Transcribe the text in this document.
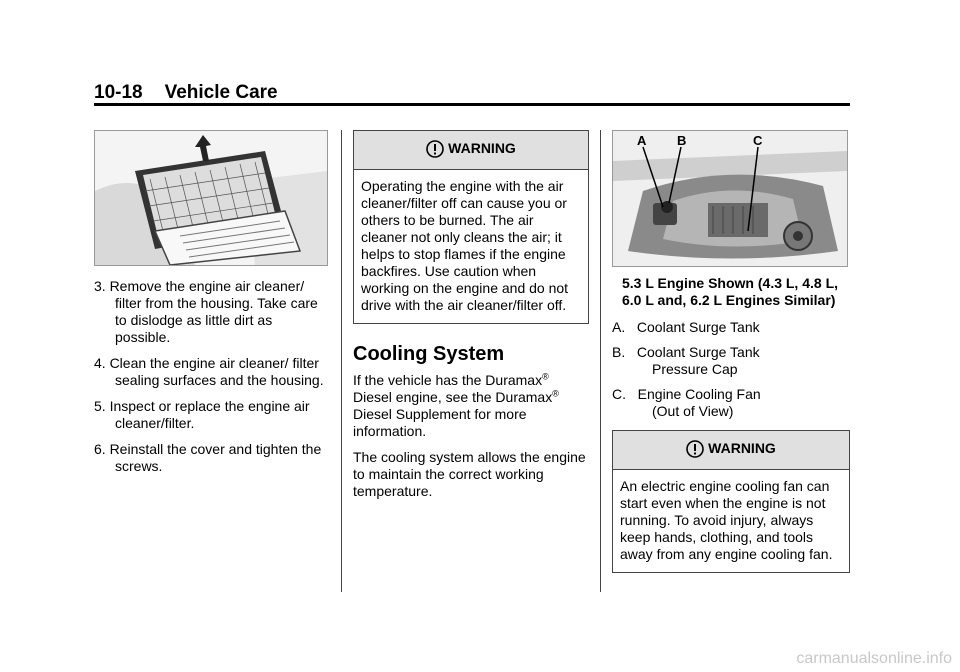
10-18 Vehicle Care

3. Remove the engine air cleaner/ filter from the housing. Take care to dislodge as little dirt as possible.

4. Clean the engine air cleaner/ filter sealing surfaces and the housing.

5. Inspect or replace the engine air cleaner/filter.

6. Reinstall the cover and tighten the screws.

WARNING
Operating the engine with the air cleaner/filter off can cause you or others to be burned. The air cleaner not only cleans the air; it helps to stop flames if the engine backfires. Use caution when working on the engine and do not drive with the air cleaner/filter off.
Cooling System

If the vehicle has the Duramax® Diesel engine, see the Duramax® Diesel Supplement for more information.

The cooling system allows the engine to maintain the correct working temperature.

A B	C
5.3 L Engine Shown (4.3 L, 4.8 L, 6.0 L and, 6.2 L Engines Similar)
A. Coolant Surge Tank
B. Coolant Surge Tank
Pressure Cap
C. Engine Cooling Fan
(Out of View)
WARNING
An electric engine cooling fan can start even when the engine is not running. To avoid injury, always keep hands, clothing, and tools away from any engine cooling fan.
carmanualsonline.info
